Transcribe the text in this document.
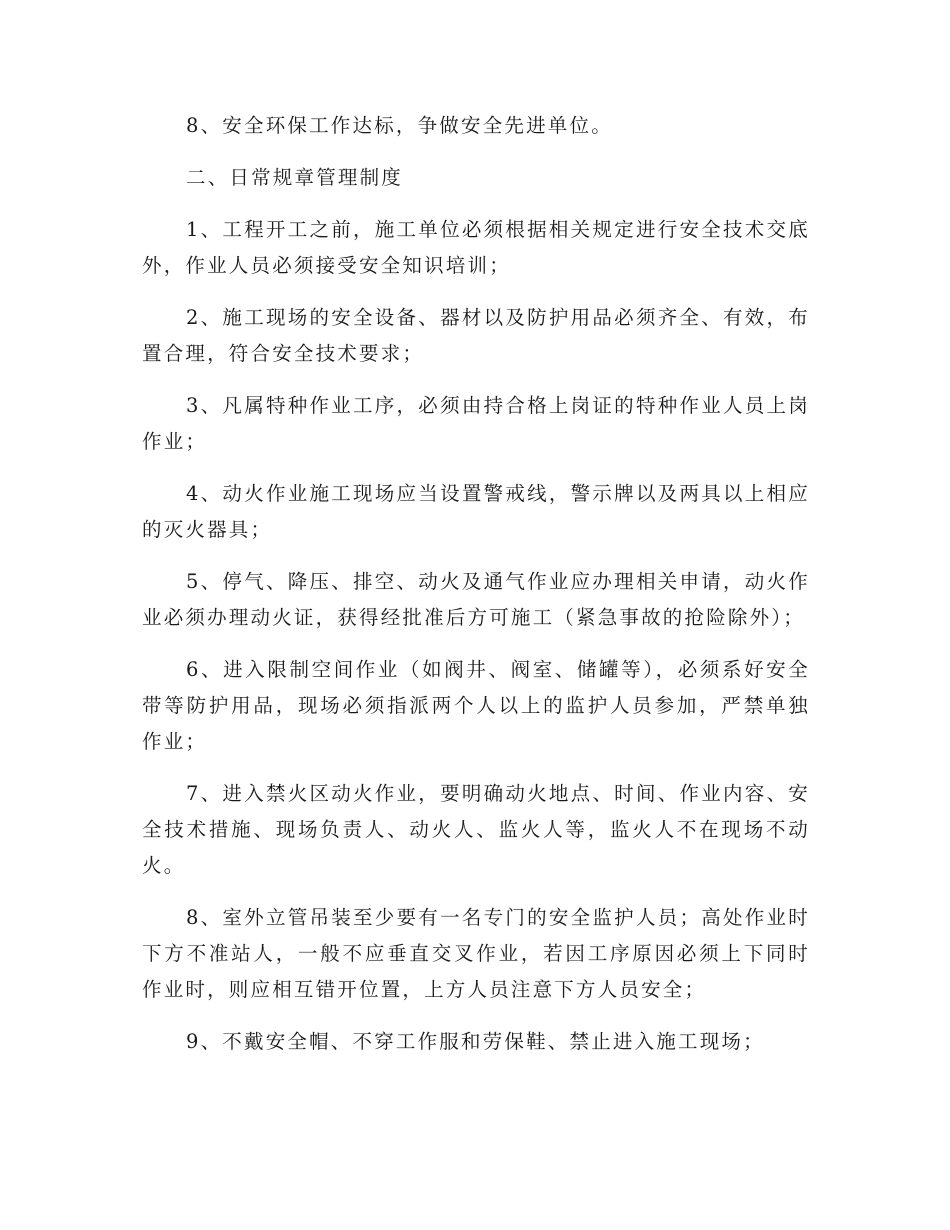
8、安全环保工作达标，争做安全先进单位。

二、日常规章管理制度

1、工程开工之前，施工单位必须根据相关规定进行安全技术交底外，作业人员必须接受安全知识培训；

2、施工现场的安全设备、器材以及防护用品必须齐全、有效，布置合理，符合安全技术要求；

3、凡属特种作业工序，必须由持合格上岗证的特种作业人员上岗作业；

4、动火作业施工现场应当设置警戒线，警示牌以及两具以上相应的灭火器具；

5、停气、降压、排空、动火及通气作业应办理相关申请，动火作业必须办理动火证，获得经批准后方可施工（紧急事故的抢险除外）；

6、进入限制空间作业（如阀井、阀室、储罐等），必须系好安全带等防护用品，现场必须指派两个人以上的监护人员参加，严禁单独作业；

7、进入禁火区动火作业，要明确动火地点、时间、作业内容、安全技术措施、现场负责人、动火人、监火人等，监火人不在现场不动火。

8、室外立管吊装至少要有一名专门的安全监护人员；高处作业时下方不准站人，一般不应垂直交叉作业，若因工序原因必须上下同时作业时，则应相互错开位置，上方人员注意下方人员安全；

9、不戴安全帽、不穿工作服和劳保鞋、禁止进入施工现场；
